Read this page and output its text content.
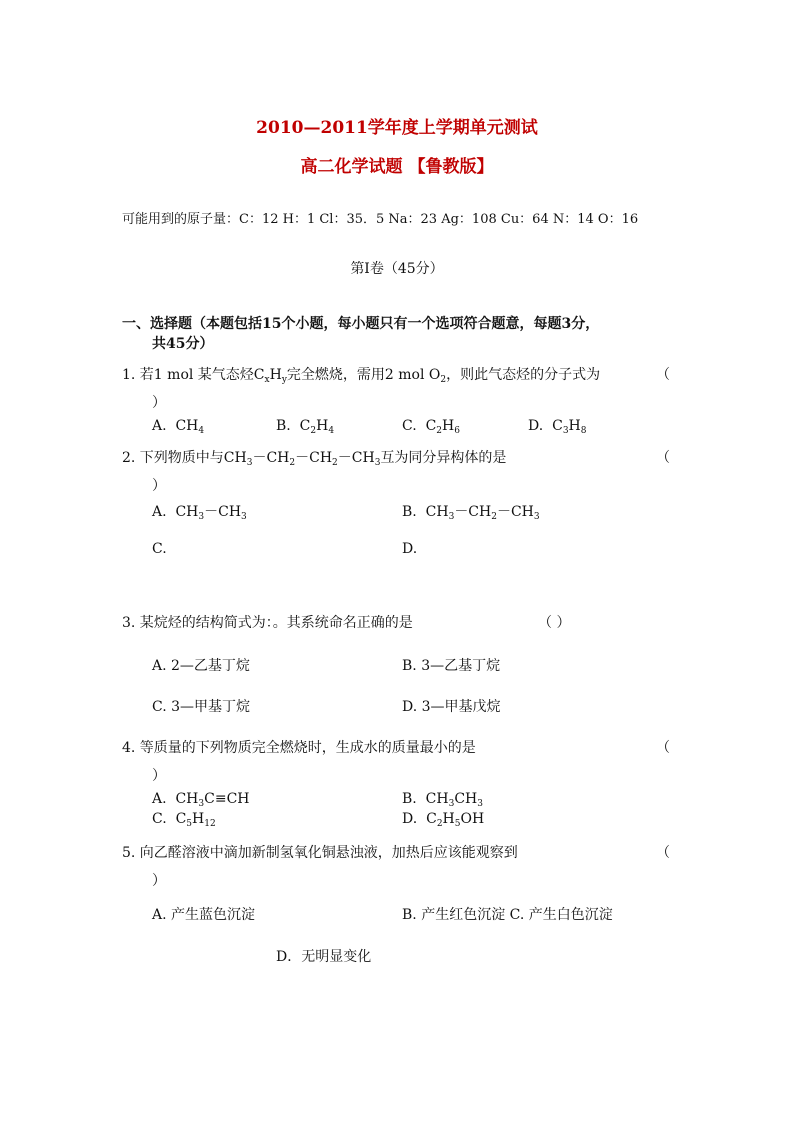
2010—2011学年度上学期单元测试
高二化学试题 【鲁教版】
可能用到的原子量：C：12 H：1 Cl：35．5 Na：23 Ag：108 Cu：64 N：14 O：16
第Ⅰ卷（45分）
一、选择题（本题包括15个小题，每小题只有一个选项符合题意，每题3分，
共45分）
1. 若1 mol 某气态烃$C_xH_y$完全燃烧，需用2 mol $O_2$，则此气态烃的分子式为	（
）
A. $CH_4$	B. $C_2H_4$	C. $C_2H_6$	D. $C_3H_8$
2. 下列物质中与$CH_3-CH_2-CH_2-CH_3$互为同分异构体的是	（
）
A. $CH_3-CH_3$	B. $CH_3-CH_2-CH_3$
C.	D.
3. 某烷烃的结构简式为：。其系统命名正确的是	（ ）
A. 2—乙基丁烷	B. 3—乙基丁烷
C. 3—甲基丁烷	D. 3—甲基戊烷
4. 等质量的下列物质完全燃烧时，生成水的质量最小的是	（
）
A. $CH_3C\equiv CH$	B. $CH_3CH_3$
C. $C_5H_{12}$	D. $C_2H_5OH$
5. 向乙醛溶液中滴加新制氢氧化铜悬浊液，加热后应该能观察到	（
）
A. 产生蓝色沉淀	B. 产生红色沉淀 C. 产生白色沉淀
D．无明显变化
